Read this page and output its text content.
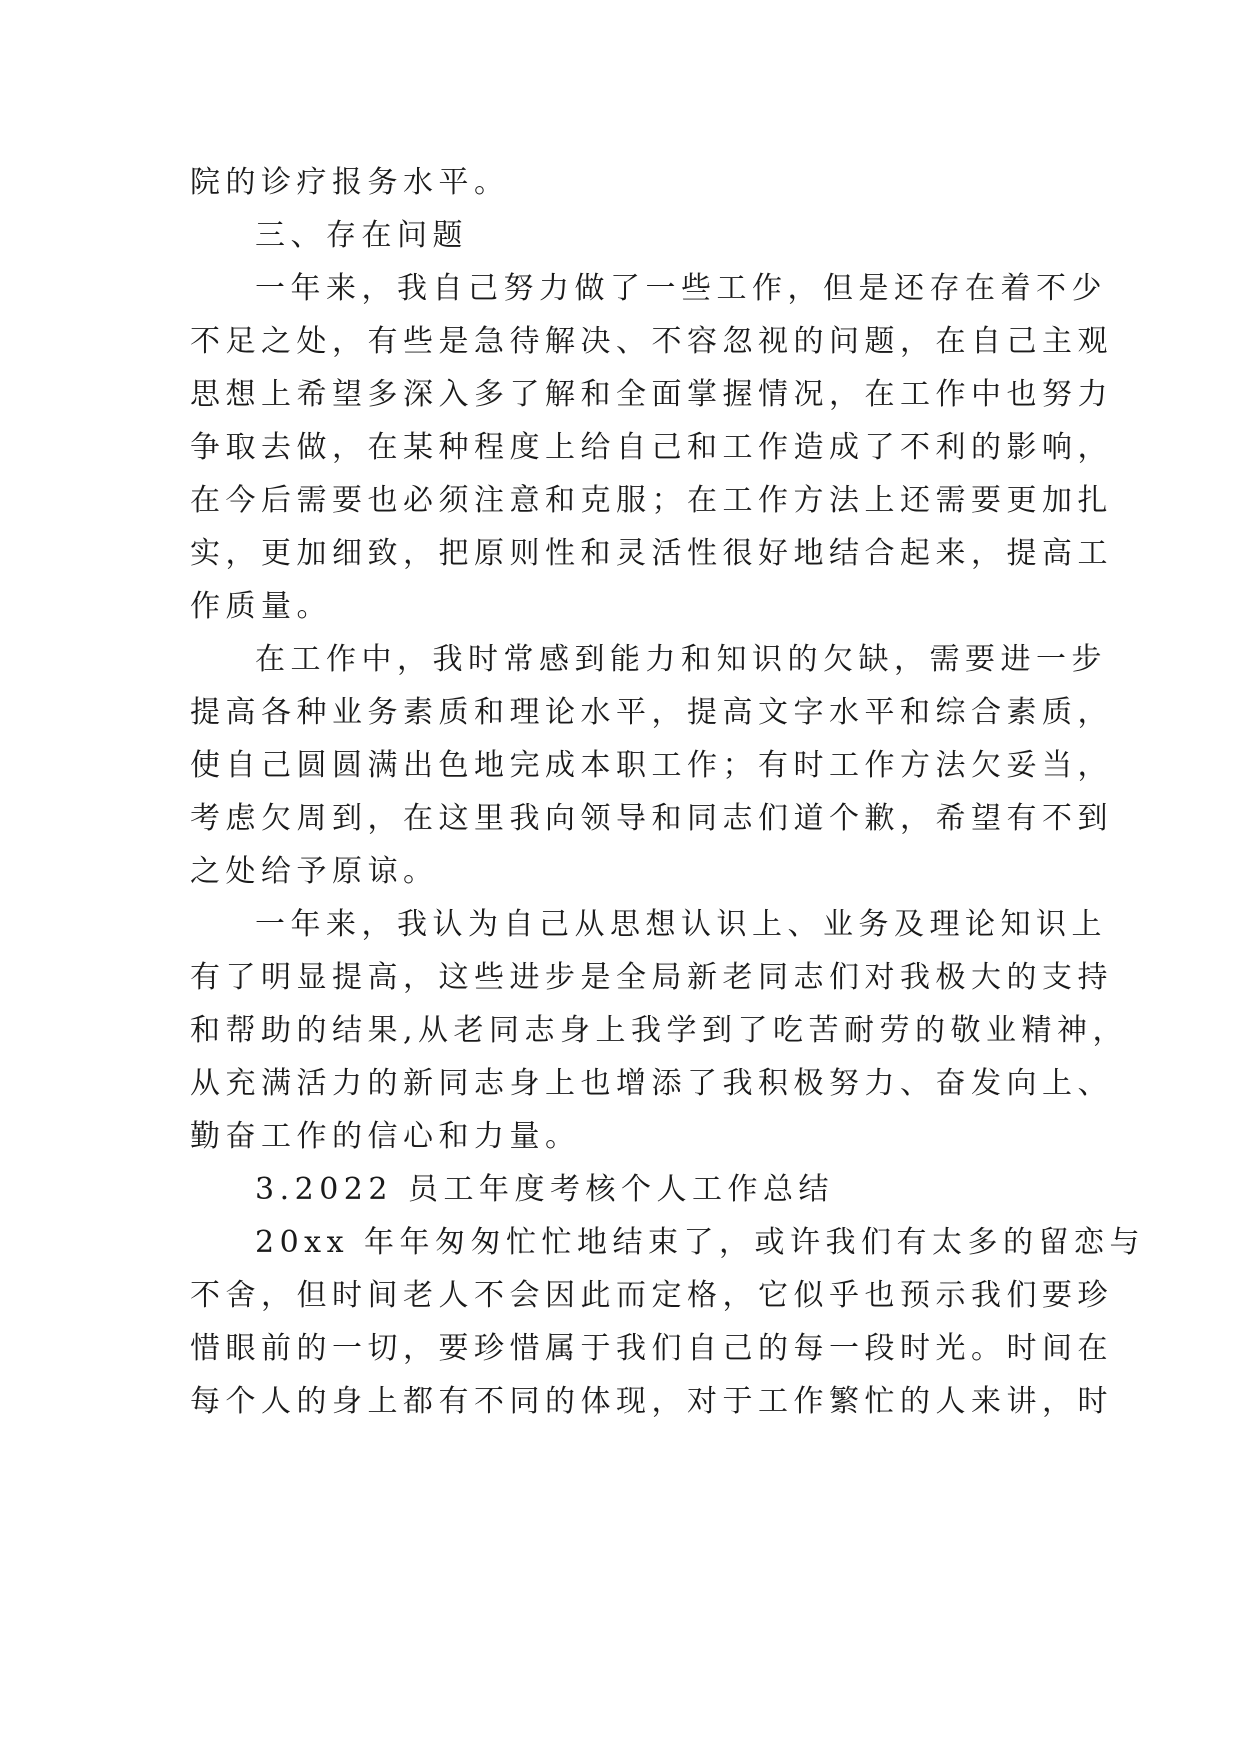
院的诊疗报务水平。
三、存在问题
一年来，我自己努力做了一些工作，但是还存在着不少
不足之处，有些是急待解决、不容忽视的问题，在自己主观
思想上希望多深入多了解和全面掌握情况，在工作中也努力
争取去做，在某种程度上给自己和工作造成了不利的影响，
在今后需要也必须注意和克服；在工作方法上还需要更加扎
实，更加细致，把原则性和灵活性很好地结合起来，提高工
作质量。
在工作中，我时常感到能力和知识的欠缺，需要进一步
提高各种业务素质和理论水平，提高文字水平和综合素质，
使自己圆圆满出色地完成本职工作；有时工作方法欠妥当，
考虑欠周到，在这里我向领导和同志们道个歉，希望有不到
之处给予原谅。
一年来，我认为自己从思想认识上、业务及理论知识上
有了明显提高，这些进步是全局新老同志们对我极大的支持
和帮助的结果,从老同志身上我学到了吃苦耐劳的敬业精神，
从充满活力的新同志身上也增添了我积极努力、奋发向上、
勤奋工作的信心和力量。
3.2022 员工年度考核个人工作总结
20xx 年年匆匆忙忙地结束了，或许我们有太多的留恋与
不舍，但时间老人不会因此而定格，它似乎也预示我们要珍
惜眼前的一切，要珍惜属于我们自己的每一段时光。时间在
每个人的身上都有不同的体现，对于工作繁忙的人来讲，时
